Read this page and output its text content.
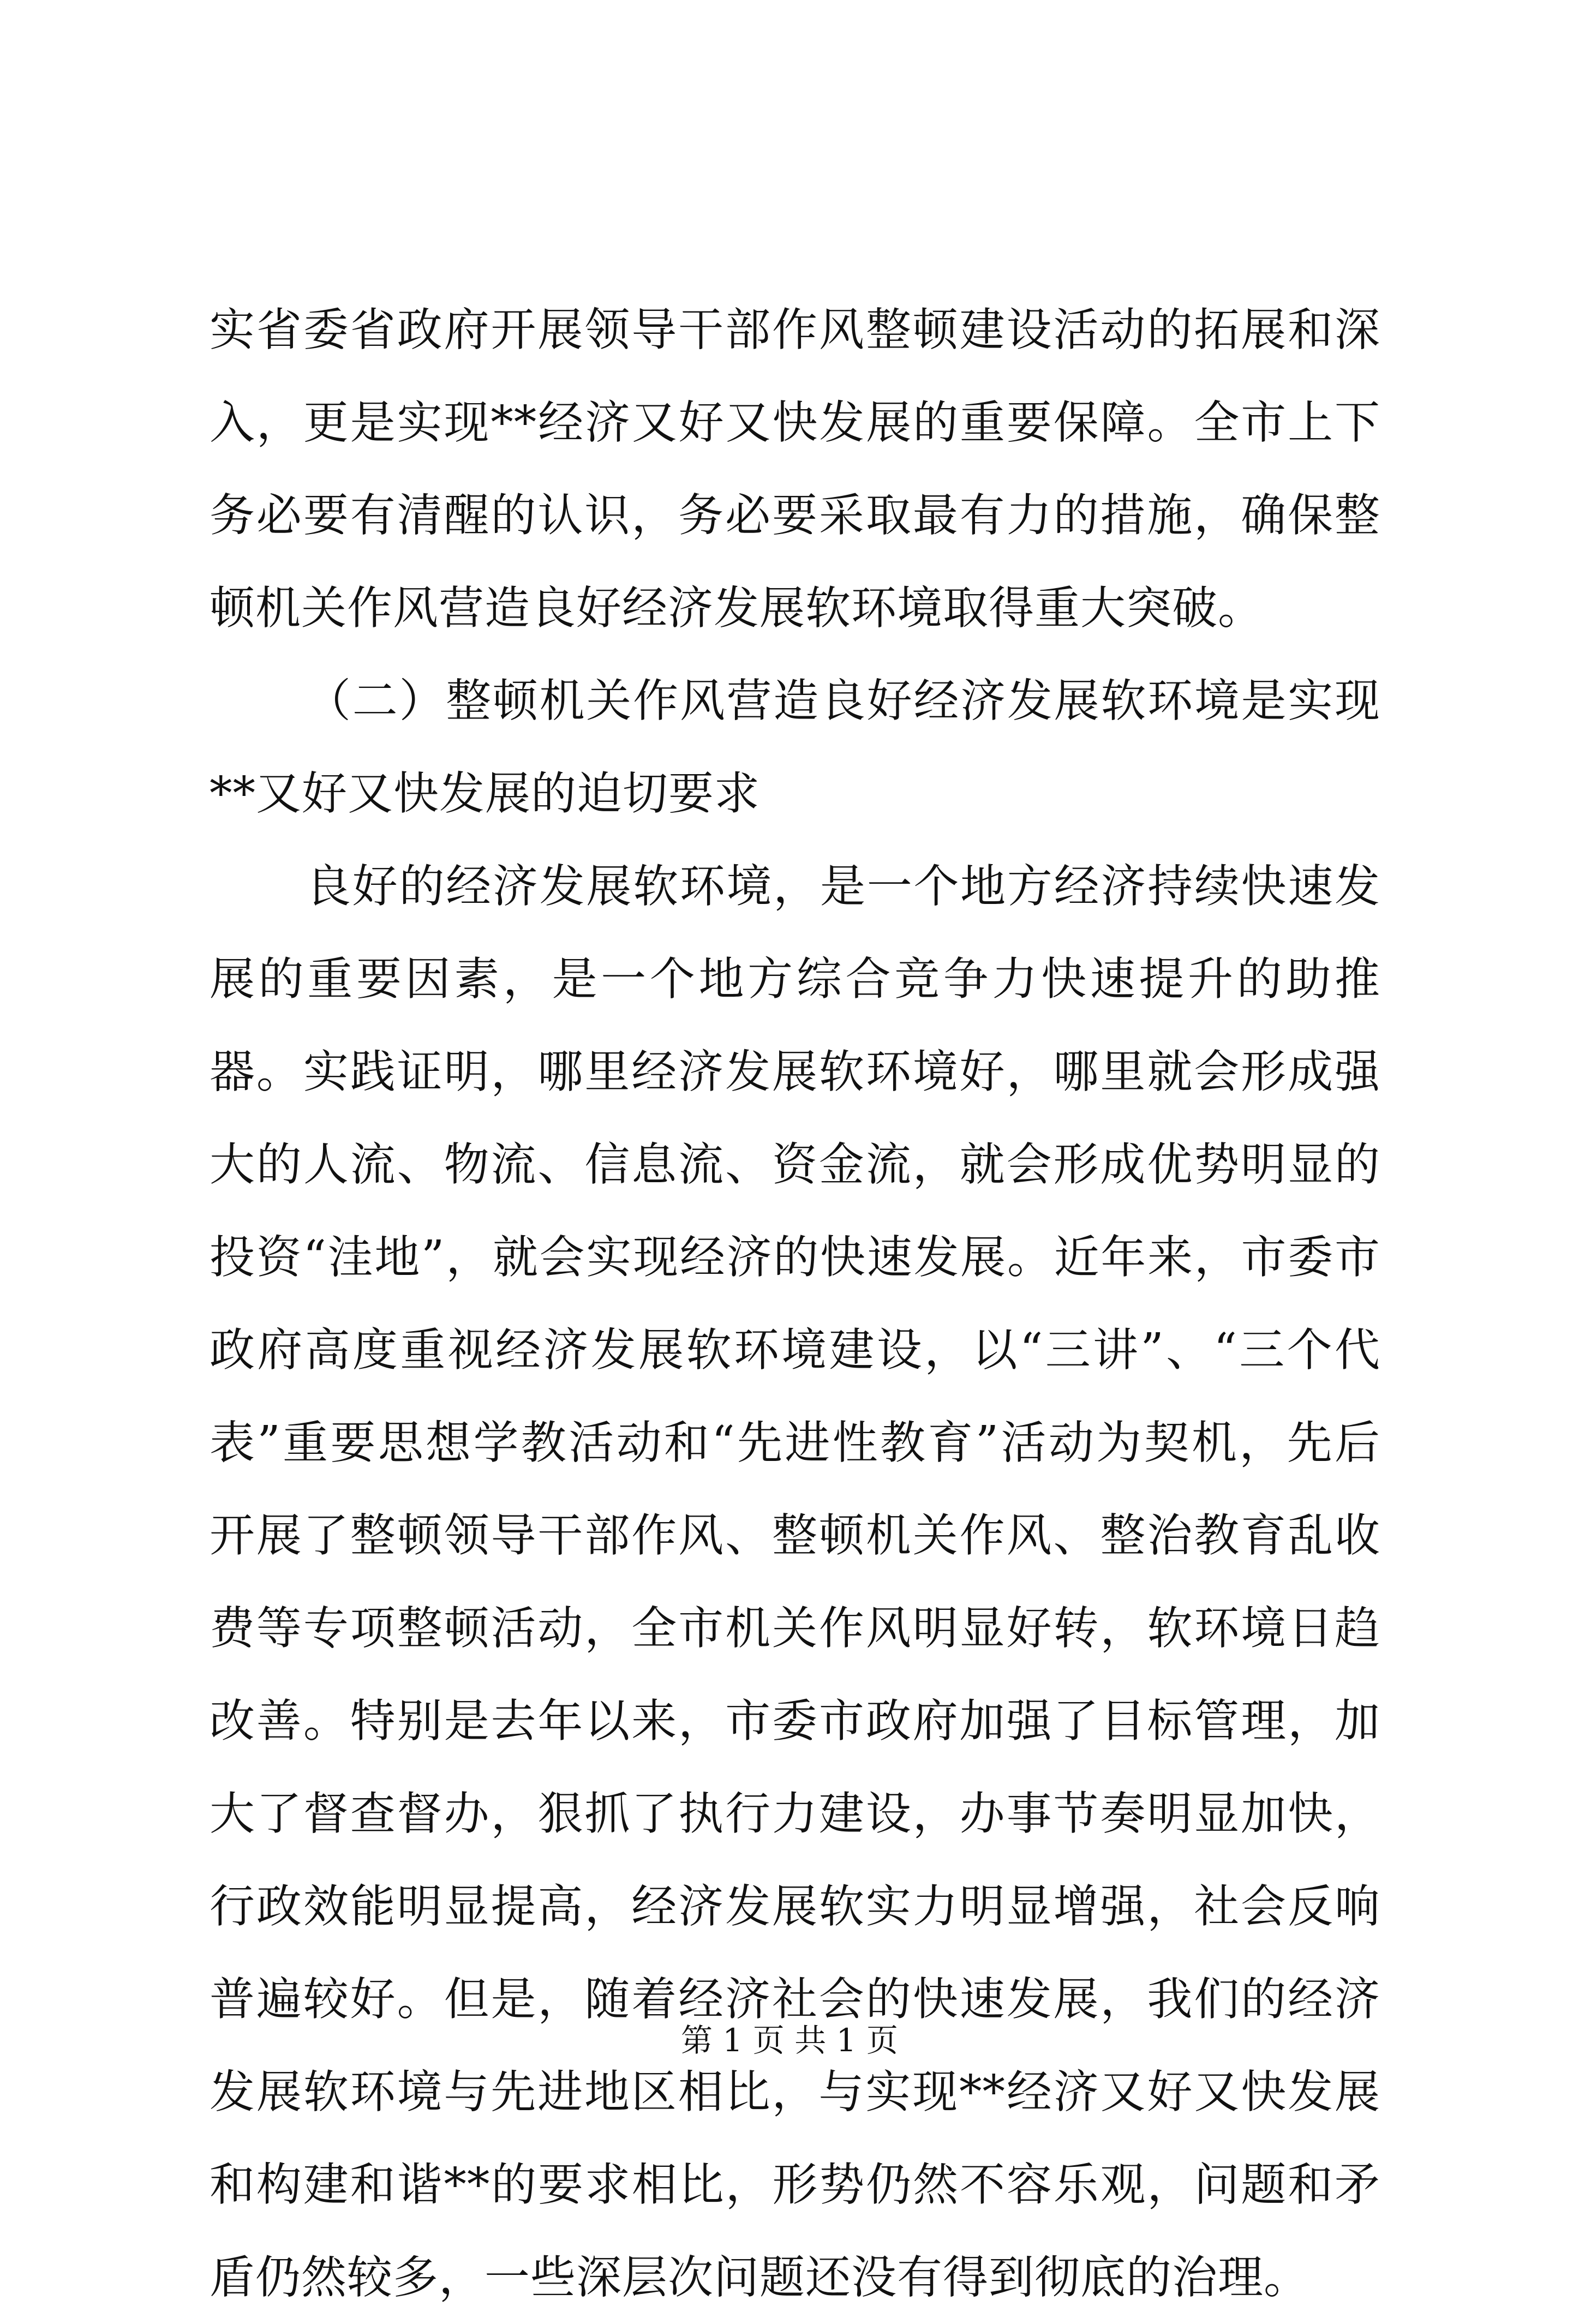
实省委省政府开展领导干部作风整顿建设活动的拓展和深入，更是实现**经济又好又快发展的重要保障。全市上下务必要有清醒的认识，务必要采取最有力的措施，确保整顿机关作风营造良好经济发展软环境取得重大突破。

（二）整顿机关作风营造良好经济发展软环境是实现**又好又快发展的迫切要求

良好的经济发展软环境，是一个地方经济持续快速发展的重要因素，是一个地方综合竞争力快速提升的助推器。实践证明，哪里经济发展软环境好，哪里就会形成强大的人流、物流、信息流、资金流，就会形成优势明显的投资“洼地”，就会实现经济的快速发展。近年来，市委市政府高度重视经济发展软环境建设，以“三讲”、“三个代表”重要思想学教活动和“先进性教育”活动为契机，先后开展了整顿领导干部作风、整顿机关作风、整治教育乱收费等专项整顿活动，全市机关作风明显好转，软环境日趋改善。特别是去年以来，市委市政府加强了目标管理，加大了督查督办，狠抓了执行力建设，办事节奏明显加快，行政效能明显提高，经济发展软实力明显增强，社会反响普遍较好。但是，随着经济社会的快速发展，我们的经济发展软环境与先进地区相比，与实现**经济又好又快发展和构建和谐**的要求相比，形势仍然不容乐观，问题和矛盾仍然较多，一些深层次问题还没有得到彻底的治理。

第 1 页 共 1 页
